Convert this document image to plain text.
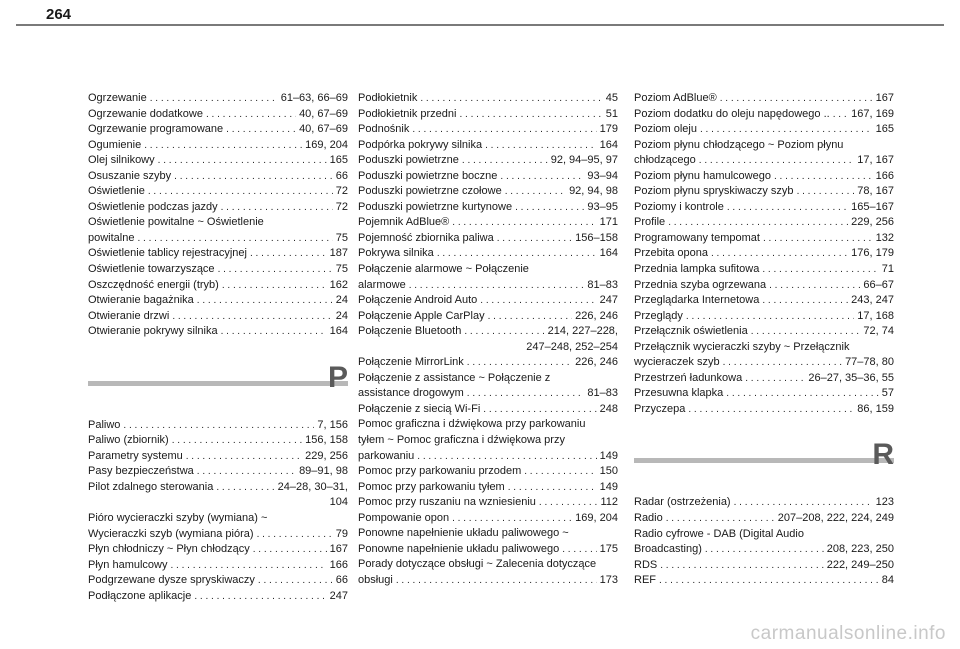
264
Ogrzewanie . . .	61–63, 66–69
Ogrzewanie dodatkowe . . .	40, 67–69
Ogrzewanie programowane . . .	40, 67–69
Ogumienie . . .	169, 204
Olej silnikowy . . .	165
Osuszanie szyby . . .	66
Oświetlenie . . .	72
Oświetlenie podczas jazdy . . .	72
Oświetlenie powitalne ~ Oświetlenie
powitalne . . .	75
Oświetlenie tablicy rejestracyjnej . . .	187
Oświetlenie towarzyszące . . .	75
Oszczędność energii (tryb) . . .	162
Otwieranie bagażnika . . .	24
Otwieranie drzwi . . .	24
Otwieranie pokrywy silnika . . .	164
P
Paliwo . . .	7, 156
Paliwo (zbiornik) . . .	156, 158
Parametry systemu . . .	229, 256
Pasy bezpieczeństwa . . .	89–91, 98
Pilot zdalnego sterowania . . .	24–28, 30–31,
104
Pióro wycieraczki szyby (wymiana) ~
Wycieraczki szyb (wymiana pióra) . . .	79
Płyn chłodniczy ~ Płyn chłodzący . . .	167
Płyn hamulcowy . . .	166
Podgrzewane dysze spryskiwaczy . . .	66
Podłączone aplikacje . . .	247
Podłokietnik . . .	45
Podłokietnik przedni . . .	51
Podnośnik . . .	179
Podpórka pokrywy silnika . . .	164
Poduszki powietrzne . . .	92, 94–95, 97
Poduszki powietrzne boczne . . .	93–94
Poduszki powietrzne czołowe . . .	92, 94, 98
Poduszki powietrzne kurtynowe . . .	93–95
Pojemnik AdBlue® . . .	171
Pojemność zbiornika paliwa . . .	156–158
Pokrywa silnika . . .	164
Połączenie alarmowe ~ Połączenie
alarmowe . . .	81–83
Połączenie Android Auto . . .	247
Połączenie Apple CarPlay . . .	226, 246
Połączenie Bluetooth . . .	214, 227–228,
247–248, 252–254
Połączenie MirrorLink . . .	226, 246
Połączenie z assistance ~ Połączenie z
assistance drogowym . . .	81–83
Połączenie z siecią Wi-Fi . . .	248
Pomoc graficzna i dźwiękowa przy parkowaniu
tyłem ~ Pomoc graficzna i dźwiękowa przy
parkowaniu . . .	149
Pomoc przy parkowaniu przodem . . .	150
Pomoc przy parkowaniu tyłem . . .	149
Pomoc przy ruszaniu na wzniesieniu . . .	112
Pompowanie opon . . .	169, 204
Ponowne napełnienie układu paliwowego ~
Ponowne napełnienie układu paliwowego . . .	175
Porady dotyczące obsługi ~ Zalecenia dotyczące
obsługi . . .	173
Poziom AdBlue® . . .	167
Poziom dodatku do oleju napędowego .. . . . 167, 169
Poziom oleju . . .	165
Poziom płynu chłodzącego ~ Poziom płynu
chłodzącego . . .	17, 167
Poziom płynu hamulcowego . . .	166
Poziom płynu spryskiwaczy szyb . . .	78, 167
Poziomy i kontrole . . .	165–167
Profile . . .	229, 256
Programowany tempomat . . .	132
Przebita opona . . .	176, 179
Przednia lampka sufitowa . . .	71
Przednia szyba ogrzewana . . .	66–67
Przeglądarka Internetowa . . .	243, 247
Przeglądy . . .	17, 168
Przełącznik oświetlenia . . .	72, 74
Przełącznik wycieraczki szyby ~ Przełącznik
wycieraczek szyb . . .	77–78, 80
Przestrzeń ładunkowa . . .	26–27, 35–36, 55
Przesuwna klapka . . .	57
Przyczepa . . .	86, 159
R
Radar (ostrzeżenia) . . .	123
Radio . . .	207–208, 222, 224, 249
Radio cyfrowe - DAB (Digital Audio
Broadcasting) . . .	208, 223, 250
RDS . . .	222, 249–250
REF . . .	84
carmanualsonline.info
